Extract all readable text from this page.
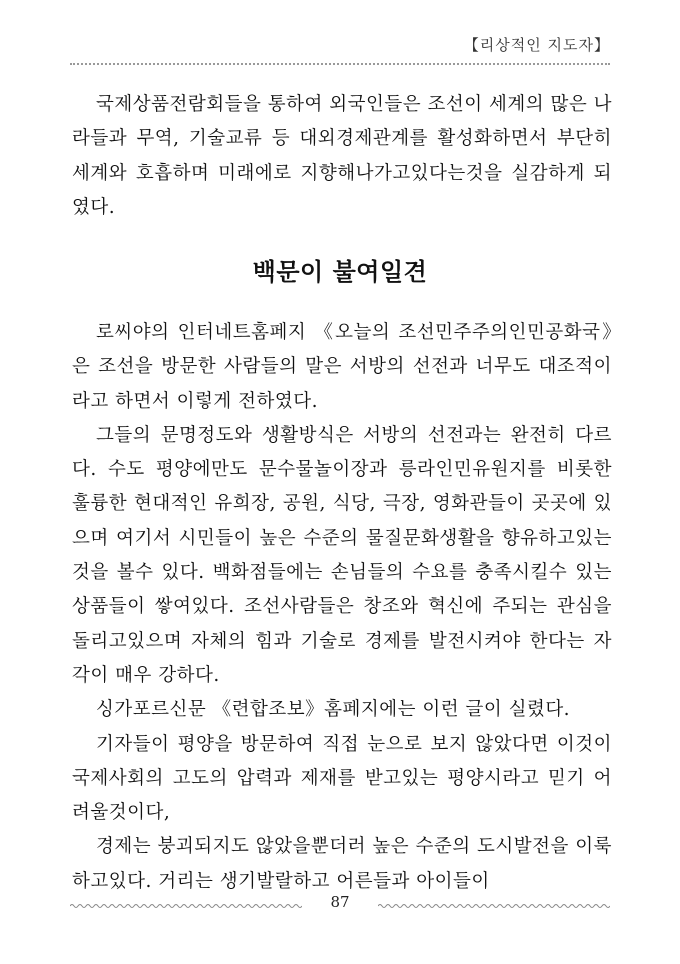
【리상적인 지도자】

국제상품전람회들을 통하여 외국인들은 조선이 세계의 많은 나라들과 무역, 기술교류 등 대외경제관계를 활성화하면서 부단히 세계와 호흡하며 미래에로 지향해나가고있다는것을 실감하게 되였다.

백문이 불여일견

로씨야의 인터네트홈페지 《오늘의 조선민주주의인민공화국》은 조선을 방문한 사람들의 말은 서방의 선전과 너무도 대조적이라고 하면서 이렇게 전하였다.

그들의 문명정도와 생활방식은 서방의 선전과는 완전히 다르다. 수도 평양에만도 문수물놀이장과 릉라인민유원지를 비롯한 훌륭한 현대적인 유희장, 공원, 식당, 극장, 영화관들이 곳곳에 있으며 여기서 시민들이 높은 수준의 물질문화생활을 향유하고있는것을 볼수 있다. 백화점들에는 손님들의 수요를 충족시킬수 있는 상품들이 쌓여있다. 조선사람들은 창조와 혁신에 주되는 관심을 돌리고있으며 자체의 힘과 기술로 경제를 발전시켜야 한다는 자각이 매우 강하다.

싱가포르신문 《련합조보》홈페지에는 이런 글이 실렸다.

기자들이 평양을 방문하여 직접 눈으로 보지 않았다면 이것이 국제사회의 고도의 압력과 제재를 받고있는 평양시라고 믿기 어려울것이다,

경제는 붕괴되지도 않았을뿐더러 높은 수준의 도시발전을 이룩하고있다. 거리는 생기발랄하고 어른들과 아이들이

87
